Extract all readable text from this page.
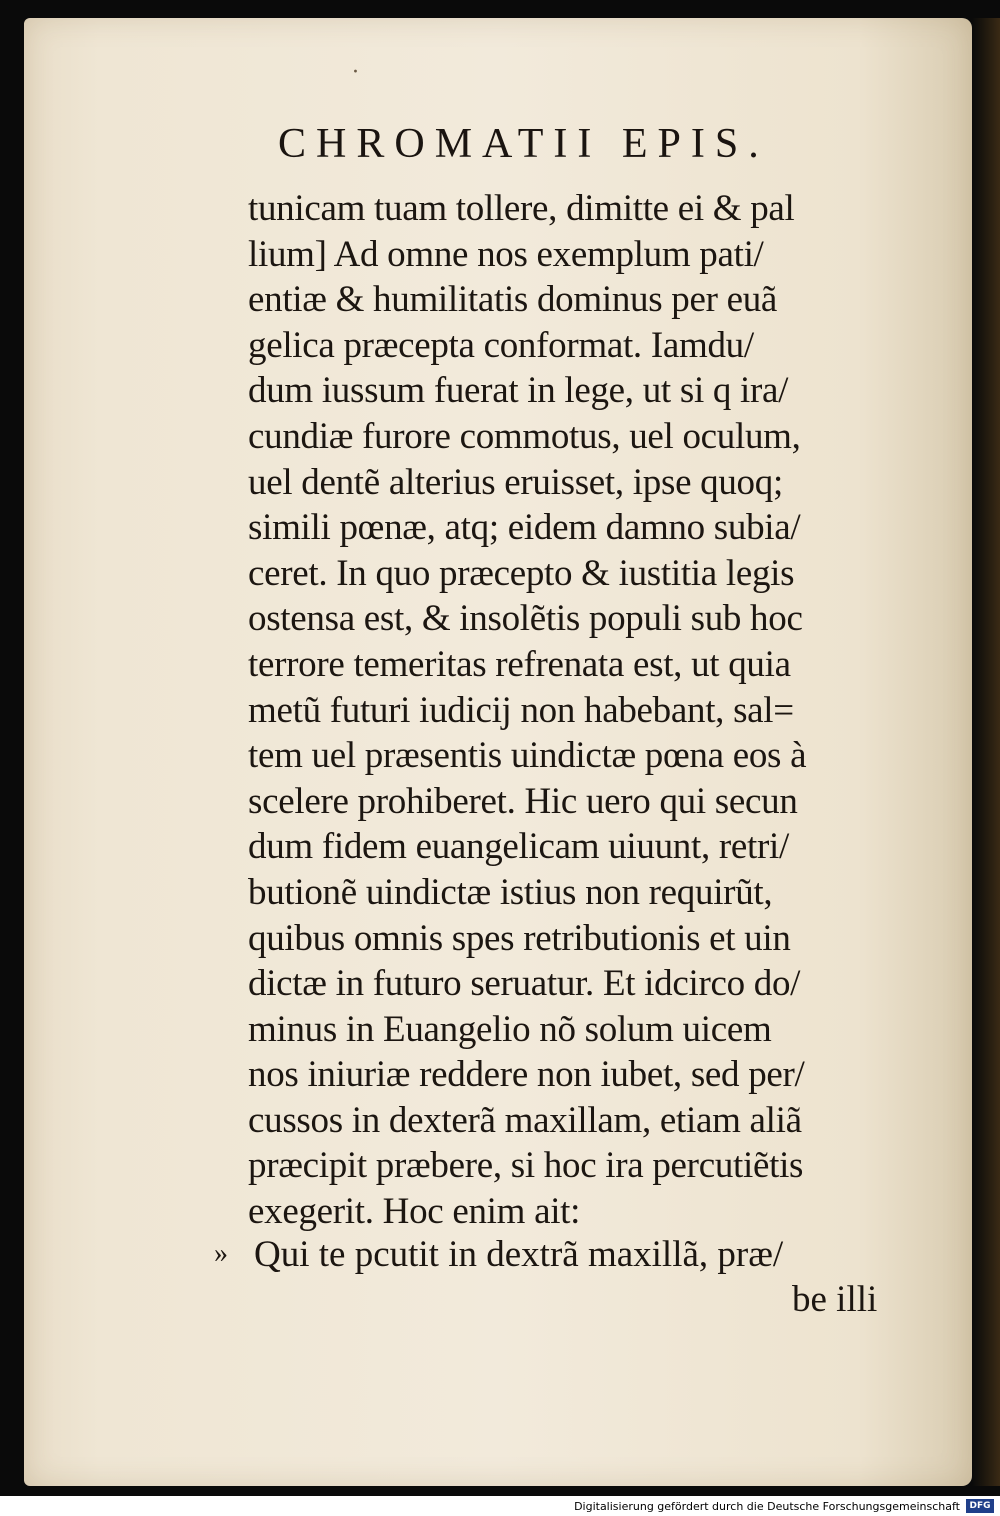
·
CHROMATII EPIS.
tunicam tuam tollere, dimitte ei & pal
lium] Ad omne nos exemplum pati/
entiæ & humilitatis dominus per euã
gelica præcepta conformat. Iamdu/
dum iussum fuerat in lege, ut si q ira/
cundiæ furore commotus, uel oculum,
uel dentẽ alterius eruisset, ipse quoq;
simili pœnæ, atq; eidem damno subia/
ceret. In quo præcepto & iustitia legis
ostensa est, & insolẽtis populi sub hoc
terrore temeritas refrenata est, ut quia
metũ futuri iudicij non habebant, sal=
tem uel præsentis uindictæ pœna eos à
scelere prohiberet. Hic uero qui secun
dum fidem euangelicam uiuunt, retri/
butionẽ uindictæ istius non requirũt,
quibus omnis spes retributionis et uin
dictæ in futuro seruatur. Et idcirco do/
minus in Euangelio nõ solum uicem
nos iniuriæ reddere non iubet, sed per/
cussos in dexterã maxillam, etiam aliã
præcipit præbere, si hoc ira percutiẽtis
exegerit. Hoc enim ait:
» Qui te pcutit in dextrã maxillã, præ/
be illi
Digitalisierung gefördert durch die Deutsche Forschungsgemeinschaft	DFG
